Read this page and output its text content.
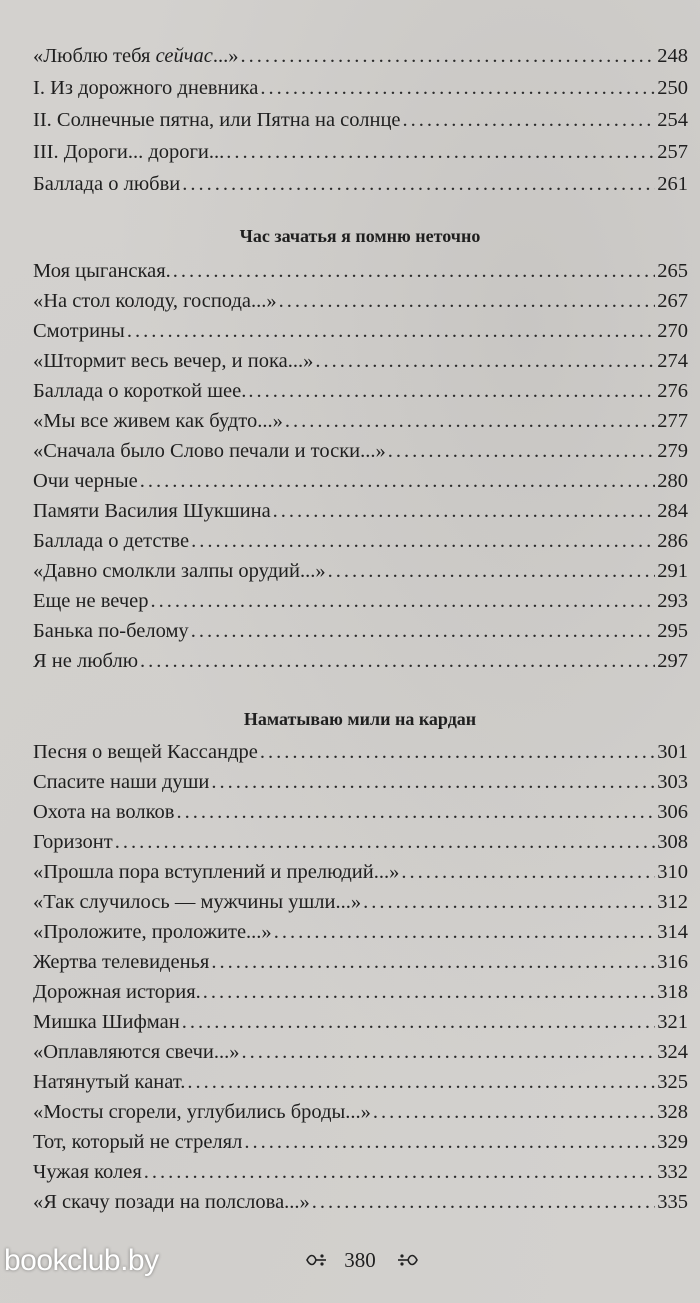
«Люблю тебя сейчас...» .....	248
I. Из дорожного дневника .....	250
II. Солнечные пятна, или Пятна на солнце .....	254
III. Дороги... дороги... .....	257
Баллада о любви .....	261
Час зачатья я помню неточно
Моя цыганская. .....	265
«На стол колоду, господа...» .....	267
Смотрины .....	270
«Штормит весь вечер, и пока...» .....	274
Баллада о короткой шее. .....	276
«Мы все живем как будто...» .....	277
«Сначала было Слово печали и тоски...» .....	279
Очи черные .....	280
Памяти Василия Шукшина .....	284
Баллада о детстве .....	286
«Давно смолкли залпы орудий...» .....	291
Еще не вечер .....	293
Банька по-белому .....	295
Я не люблю .....	297
Наматываю мили на кардан
Песня о вещей Кассандре .....	301
Спасите наши души .....	303
Охота на волков .....	306
Горизонт .....	308
«Прошла пора вступлений и прелюдий...» .....	310
«Так случилось — мужчины ушли...» .....	312
«Проложите, проложите...» .....	314
Жертва телевиденья .....	316
Дорожная история. .....	318
Мишка Шифман .....	321
«Оплавляются свечи...» .....	324
Натянутый канат. .....	325
«Мосты сгорели, углубились броды...» .....	328
Тот, который не стрелял .....	329
Чужая колея .....	332
«Я скачу позади на полслова...» .....	335
380
bookclub.by
